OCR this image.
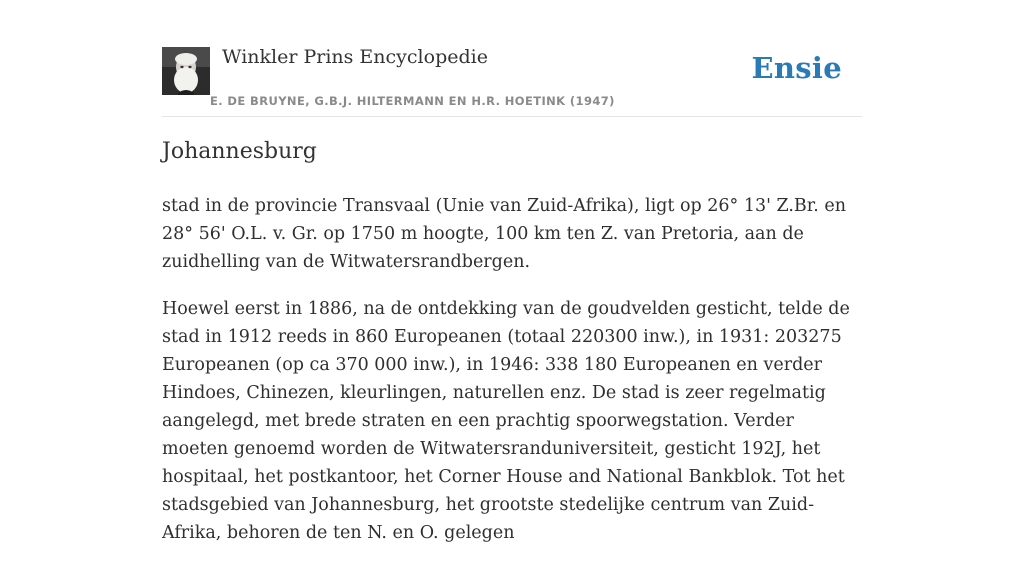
Winkler Prins Encyclopedie
E. DE BRUYNE, G.B.J. HILTERMANN EN H.R. HOETINK (1947)
Ensie
Johannesburg

stad in de provincie Transvaal (Unie van Zuid-Afrika), ligt op 26° 13' Z.Br. en 28° 56' O.L. v. Gr. op 1750 m hoogte, 100 km ten Z. van Pretoria, aan de zuidhelling van de Witwatersrandbergen.

Hoewel eerst in 1886, na de ontdekking van de goudvelden gesticht, telde de stad in 1912 reeds in 860 Europeanen (totaal 220300 inw.), in 1931: 203275 Europeanen (op ca 370 000 inw.), in 1946: 338 180 Europeanen en verder Hindoes, Chinezen, kleurlingen, naturellen enz. De stad is zeer regelmatig aangelegd, met brede straten en een prachtig spoorwegstation. Verder moeten genoemd worden de Witwatersranduniversiteit, gesticht 192J, het hospitaal, het postkantoor, het Corner House and National Bankblok. Tot het stadsgebied van Johannesburg, het grootste stedelijke centrum van Zuid-Afrika, behoren de ten N. en O. gelegen
